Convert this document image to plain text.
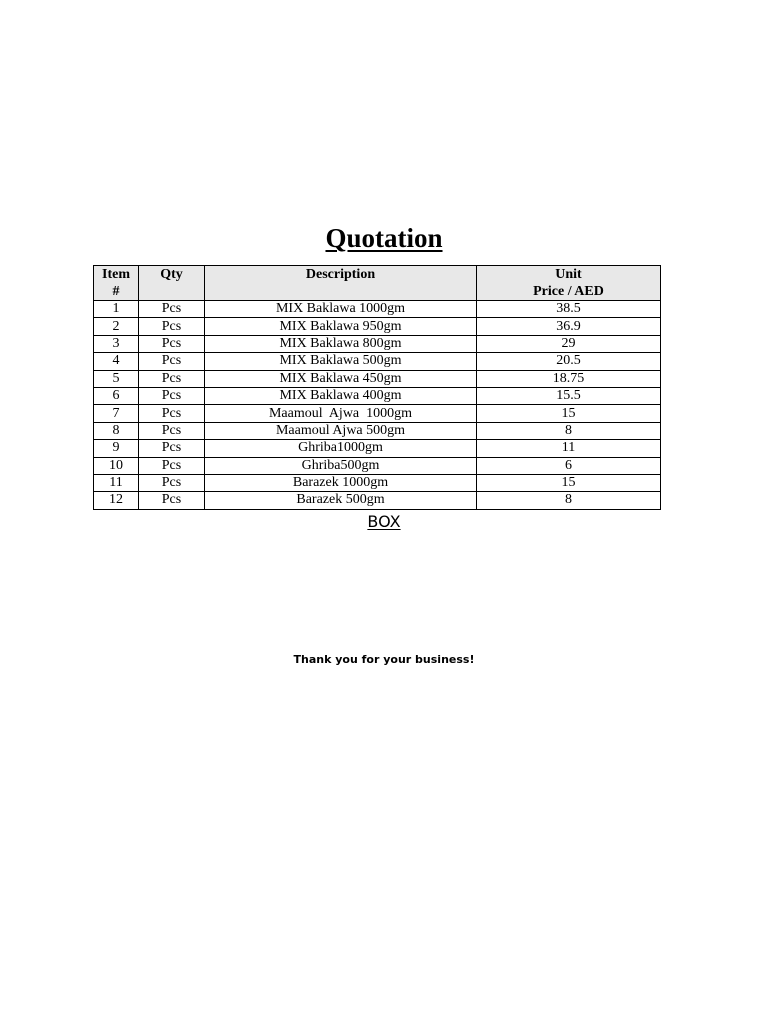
Quotation
Item
#	Qty	Description	Unit
Price / AED
1	Pcs	MIX Baklawa 1000gm	38.5
2	Pcs	MIX Baklawa 950gm	36.9
3	Pcs	MIX Baklawa 800gm	29
4	Pcs	MIX Baklawa 500gm	20.5
5	Pcs	MIX Baklawa 450gm	18.75
6	Pcs	MIX Baklawa 400gm	15.5
7	Pcs	Maamoul  Ajwa  1000gm	15
8	Pcs	Maamoul Ajwa 500gm	8
9	Pcs	Ghriba1000gm	11
10	Pcs	Ghriba500gm	6
11	Pcs	Barazek 1000gm	15
12	Pcs	Barazek 500gm	8
BOX
Thank you for your business!
